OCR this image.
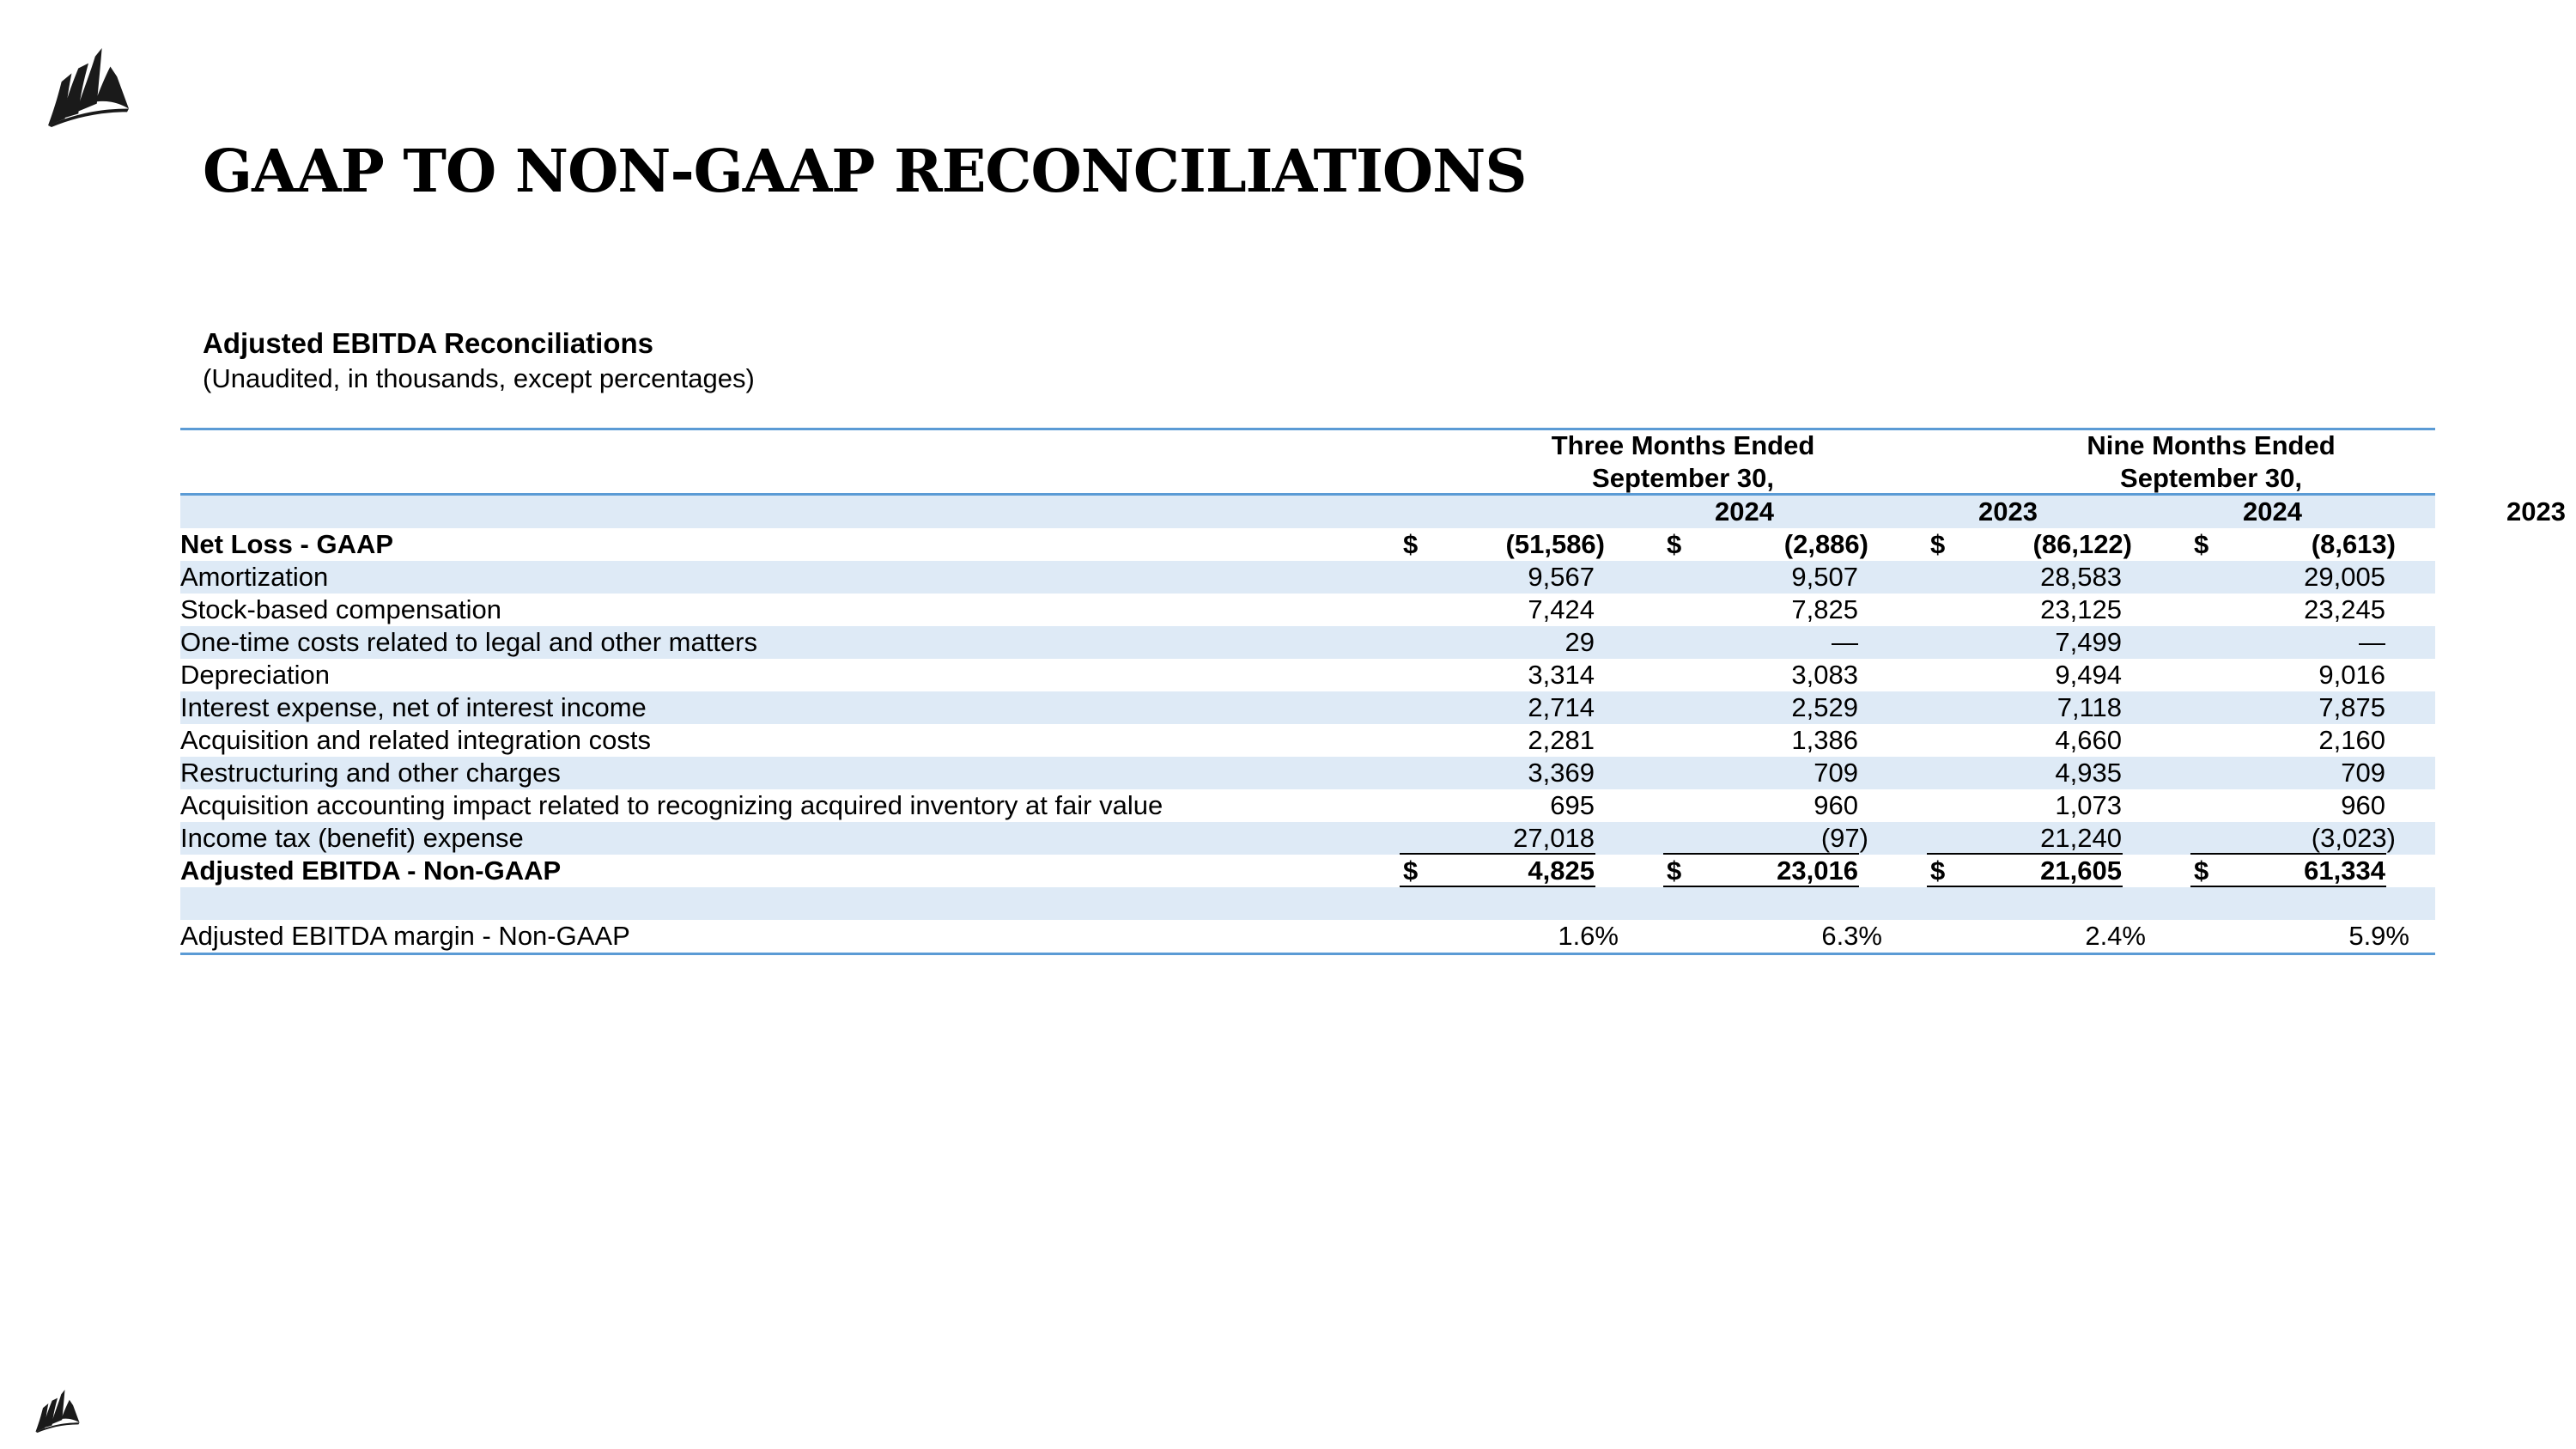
GAAP TO NON-GAAP RECONCILIATIONS
Adjusted EBITDA Reconciliations
(Unaudited, in thousands, except percentages)
Three Months Ended
September 30,
Nine Months Ended
September 30,
2024	2023	2024	2023
Net Loss - GAAP	$	(51,586) $	(2,886) $	(86,122) $	(8,613)
Amortization	9,567	9,507	28,583	29,005
Stock-based compensation	7,424	7,825	23,125	23,245
One-time costs related to legal and other matters	29	—	7,499	—
Depreciation	3,314	3,083	9,494	9,016
Interest expense, net of interest income	2,714	2,529	7,118	7,875
Acquisition and related integration costs	2,281	1,386	4,660	2,160
Restructuring and other charges	3,369	709	4,935	709
Acquisition accounting impact related to recognizing acquired inventory at fair value	695	960	1,073	960
Income tax (benefit) expense	27,018	(97)	21,240	(3,023)
Adjusted EBITDA - Non-GAAP	$	4,825	$	23,016	$	21,605	$	61,334
Adjusted EBITDA margin - Non-GAAP	1.6%	6.3%	2.4%	5.9%
